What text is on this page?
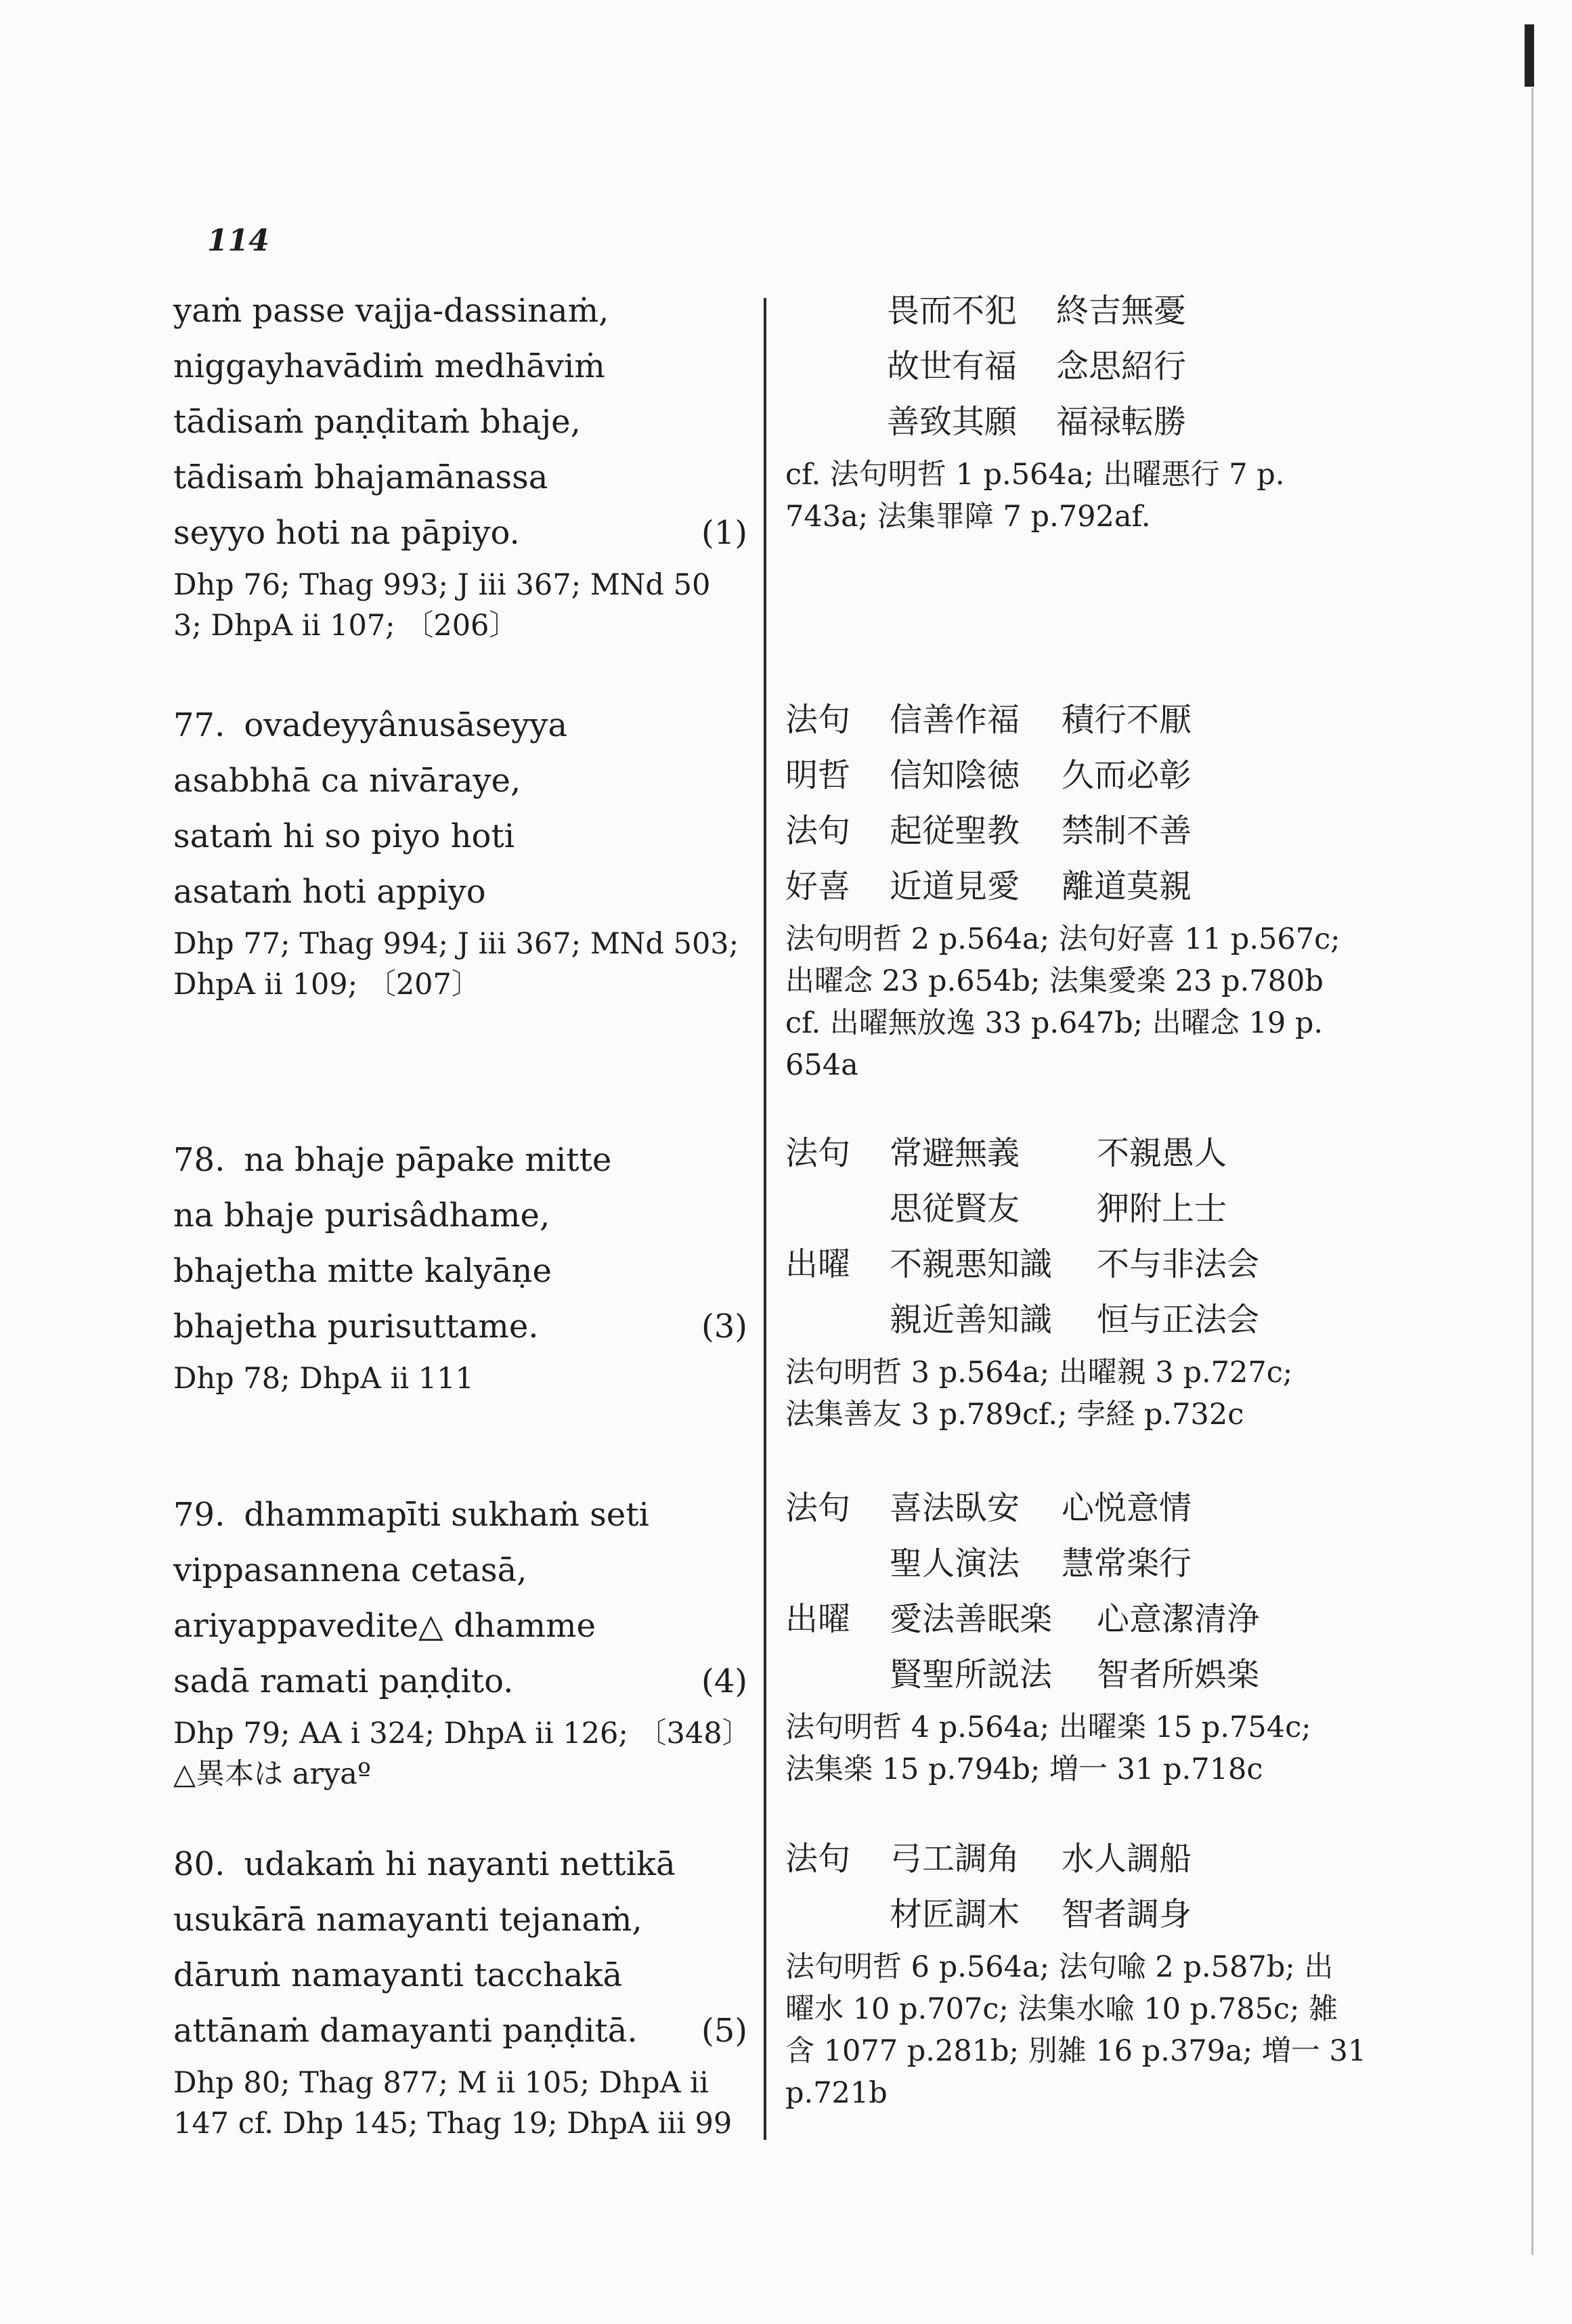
114
yaṁ passe vajja-dassinaṁ,
niggayhavādiṁ medhāviṁ
tādisaṁ paṇḍitaṁ bhaje,
tādisaṁ bhajamānassa
seyyo hoti na pāpiyo.	(1)
Dhp 76; Thag 993; J iii 367; MNd 50
3; DhpA ii 107; 〔206〕
77. ovadeyyânusāseyya
asabbhā ca nivāraye,
sataṁ hi so piyo hoti
asataṁ hoti appiyo
Dhp 77; Thag 994; J iii 367; MNd 503;
DhpA ii 109; 〔207〕
78. na bhaje pāpake mitte
na bhaje purisâdhame,
bhajetha mitte kalyāṇe
bhajetha purisuttame.	(3)
Dhp 78; DhpA ii 111
79. dhammapīti sukhaṁ seti
vippasannena cetasā,
ariyappavedite△ dhamme
sadā ramati paṇḍito.	(4)
Dhp 79; AA i 324; DhpA ii 126; 〔348〕
△異本は aryaº
80. udakaṁ hi nayanti nettikā
usukārā namayanti tejanaṁ,
dāruṁ namayanti tacchakā
attānaṁ damayanti paṇḍitā. (5)
Dhp 80; Thag 877; M ii 105; DhpA ii
147 cf. Dhp 145; Thag 19; DhpA iii 99
畏而不犯 終吉無憂
故世有福 念思紹行
善致其願 福禄転勝
cf. 法句明哲 1 p.564a; 出曜悪行 7 p.
743a; 法集罪障 7 p.792af.
法句 信善作福 積行不厭
明哲 信知陰徳 久而必彰
法句 起従聖教 禁制不善
好喜 近道見愛 離道莫親
法句明哲 2 p.564a; 法句好喜 11 p.567c;
出曜念 23 p.654b; 法集愛楽 23 p.780b
cf. 出曜無放逸 33 p.647b; 出曜念 19 p.
654a
法句 常避無義 不親愚人
思従賢友 狎附上士
出曜 不親悪知識 不与非法会
親近善知識 恒与正法会
法句明哲 3 p.564a; 出曜親 3 p.727c;
法集善友 3 p.789cf.; 孛経 p.732c
法句 喜法臥安 心悦意情
聖人演法 慧常楽行
出曜 愛法善眠楽 心意潔清浄
賢聖所説法 智者所娯楽
法句明哲 4 p.564a; 出曜楽 15 p.754c;
法集楽 15 p.794b; 増一 31 p.718c
法句 弓工調角 水人調船
材匠調木 智者調身
法句明哲 6 p.564a; 法句喩 2 p.587b; 出
曜水 10 p.707c; 法集水喩 10 p.785c; 雑
含 1077 p.281b; 別雑 16 p.379a; 増一 31
p.721b
